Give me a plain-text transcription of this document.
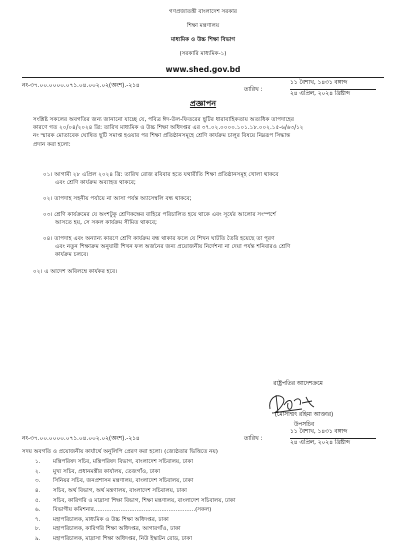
গণপ্রজাতন্ত্রী বাংলাদেশ সরকার
শিক্ষা মন্ত্রণালয়
মাধ্যমিক ও উচ্চ শিক্ষা বিভাগ
(সরকারি মাধ্যমিক-১)
www.shed.gov.bd
নং-৩৭.০০.০০০০.০৭১.০৪.০০২.০২(অংশ).-২১৪
তারিখ :
১১ বৈশাখ, ১৪৩১ বঙ্গাব্দ
২৪ এপ্রিল, ২০২৪ খ্রিষ্টাব্দ
প্রজ্ঞাপন
সংশ্লিষ্ট সকলের অবগতির জন্য জানানো যাচ্ছে যে, পবিত্র ঈদ-উল-ফিতরের ছুটির ধারাবাহিকতায় অত্যধিক তাপদাহের
কারণে গত ২০/০৪/২০২৪ খ্রি: তারিখ মাধ্যমিক ও উচ্চ শিক্ষা অধিদপ্তর এর ৩৭.০২.০০০০.১০১.১৮.০০২.১৫-৬/৬৩/১২
নং স্মারক মোতাবেক ঘোষিত ছুটি সমাপ্ত হওয়ার পর শিক্ষা প্রতিষ্ঠানসমূহে শ্রেণি কার্যক্রম চালুর বিষয়ে নিম্নরূপ সিদ্ধান্ত
প্রদান করা হলো:
০১। আগামী ২৮ এপ্রিল ২০২৪ খ্রি: তারিখ রোজ রবিবার হতে যথারীতি শিক্ষা প্রতিষ্ঠানসমূহ খোলা থাকবে
এবং শ্রেণি কার্যক্রম অব্যাহত থাকবে;
০২। তাপদাহ সহনীয় পর্যায়ে না আসা পর্যন্ত অ্যাসেম্বলি বন্ধ থাকবে;
০৩। শ্রেণি কার্যক্রমের যে অংশটুকু শ্রেণিকক্ষের বাহিরে পরিচালিত হয়ে থাকে এবং সূর্যের আলোর সংস্পর্শে
আসতে হয়, সে সকল কার্যক্রম সীমিত থাকবে;
০৪। তাপদাহ এবং অন্যান্য কারণে শ্রেণি কার্যক্রম বন্ধ থাকার ফলে যে শিখন ঘাটতি তৈরি হয়েছে তা পূরণ
এবং নতুন শিক্ষাক্রম অনুযায়ী শিখন ফল অর্জনের জন্য প্রয়োজনীয় নির্দেশনা না দেয়া পর্যন্ত শনিবারও শ্রেণি
কার্যক্রম চলবে।
০২। এ আদেশ অবিলম্বে কার্যকর হবে।
রাষ্ট্রপতির আদেশক্রমে
(মোসাম্মৎ রহিমা আক্তার)
উপসচিব
নং-৩৭.০০.০০০০.০৭১.০৪.০০২.০২(অংশ).-২১৪	তারিখ :
১১ বৈশাখ, ১৪৩১ বঙ্গাব্দ
২৪ এপ্রিল, ২০২৪ খ্রিষ্টাব্দ
সদয় অবগতি ও প্রয়োজনীয় কার্যার্থে অনুলিপি প্রেরণ করা হলো। (জ্যেষ্ঠতার ভিত্তিতে নয়)
১.	মন্ত্রিপরিষদ সচিব, মন্ত্রিপরিষদ বিভাগ, বাংলাদেশ সচিবালয়, ঢাকা
২.	মুখ্য সচিব, প্রধানমন্ত্রীর কার্যালয়, তেজগাঁও, ঢাকা
৩.	সিনিয়র সচিব, জনপ্রশাসন মন্ত্রণালয়, বাংলাদেশ সচিবালয়, ঢাকা
৪.	সচিব, অর্থ বিভাগ, অর্থ মন্ত্রণালয়, বাংলাদেশ সচিবালয়, ঢাকা
৫.	সচিব, কারিগরি ও মাদ্রাসা শিক্ষা বিভাগ, শিক্ষা মন্ত্রণালয়, বাংলাদেশ সচিবালয়, ঢাকা
৬.	বিভাগীয় কমিশনার.........................................................(সকল)
৭.	মহাপরিচালক, মাধ্যমিক ও উচ্চ শিক্ষা অধিদপ্তর, ঢাকা
৮.	মহাপরিচালক, কারিগরি শিক্ষা অধিদপ্তর, আগারগাঁও, ঢাকা
৯.	মহাপরিচালক, মাদ্রাসা শিক্ষা অধিদপ্তর, নিউ ইস্কাটন রোড, ঢাকা
